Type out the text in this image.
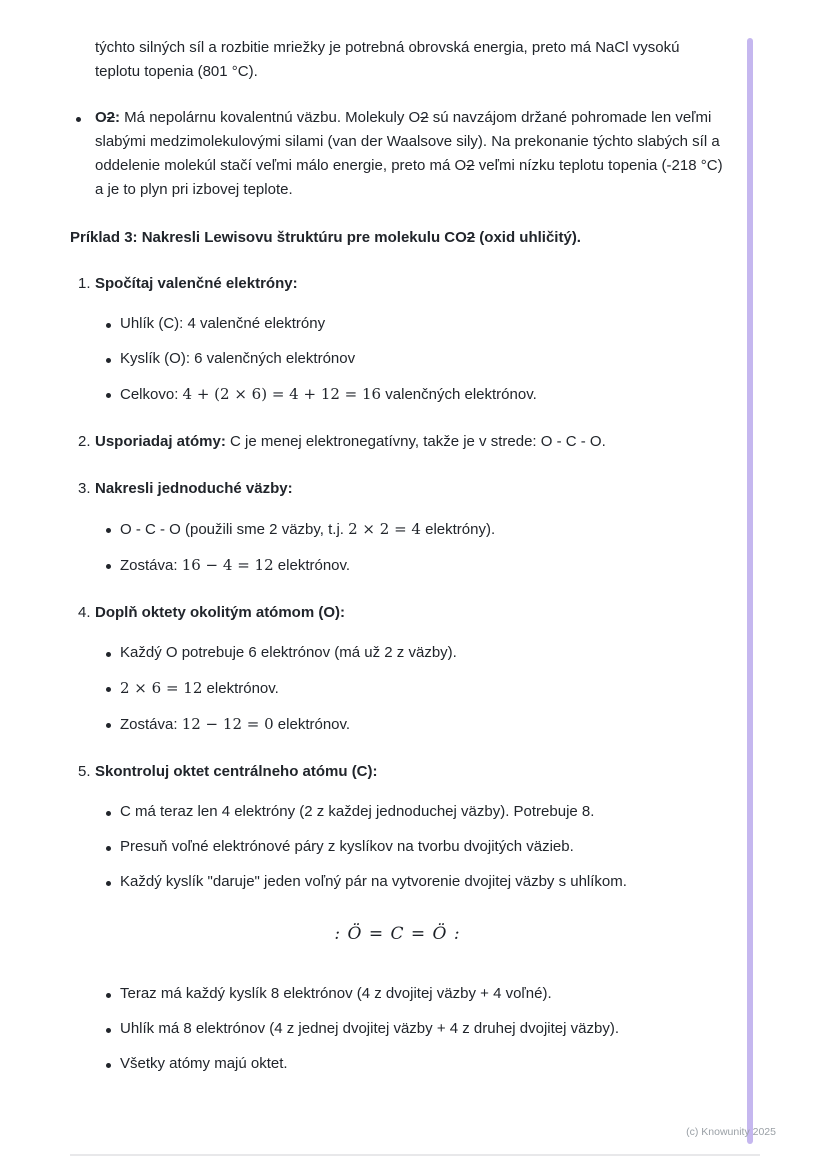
týchto silných síl a rozbitie mriežky je potrebná obrovská energia, preto má NaCl vysokú teplotu topenia (801 °C).

O2: Má nepolárnu kovalentnú väzbu. Molekuly O2 sú navzájom držané pohromade len veľmi slabými medzimolekulovými silami (van der Waalsove sily). Na prekonanie týchto slabých síl a oddelenie molekúl stačí veľmi málo energie, preto má O2 veľmi nízku teplotu topenia (-218 °C) a je to plyn pri izbovej teplote.

Príklad 3: Nakresli Lewisovu štruktúru pre molekulu CO2 (oxid uhličitý).

1. Spočítaj valenčné elektróny:

Uhlík (C): 4 valenčné elektróny

Kyslík (O): 6 valenčných elektrónov

Celkovo: 4 + (2 × 6) = 4 + 12 = 16 valenčných elektrónov.

2. Usporiadaj atómy: C je menej elektronegatívny, takže je v strede: O - C - O.

3. Nakresli jednoduché väzby:

O - C - O (použili sme 2 väzby, t.j. 2 × 2 = 4 elektróny).

Zostáva: 16 − 4 = 12 elektrónov.

4. Doplň oktety okolitým atómom (O):

Každý O potrebuje 6 elektrónov (má už 2 z väzby).

2 × 6 = 12 elektrónov.

Zostáva: 12 − 12 = 0 elektrónov.

5. Skontroluj oktet centrálneho atómu (C):

C má teraz len 4 elektróny (2 z každej jednoduchej väzby). Potrebuje 8.

Presuň voľné elektrónové páry z kyslíkov na tvorbu dvojitých väzieb.

Každý kyslík "daruje" jeden voľný pár na vytvorenie dvojitej väzby s uhlíkom.

: Ö = C = Ö :

Teraz má každý kyslík 8 elektrónov (4 z dvojitej väzby + 4 voľné).

Uhlík má 8 elektrónov (4 z jednej dvojitej väzby + 4 z druhej dvojitej väzby).

Všetky atómy majú oktet.

(c) Knowunity 2025
